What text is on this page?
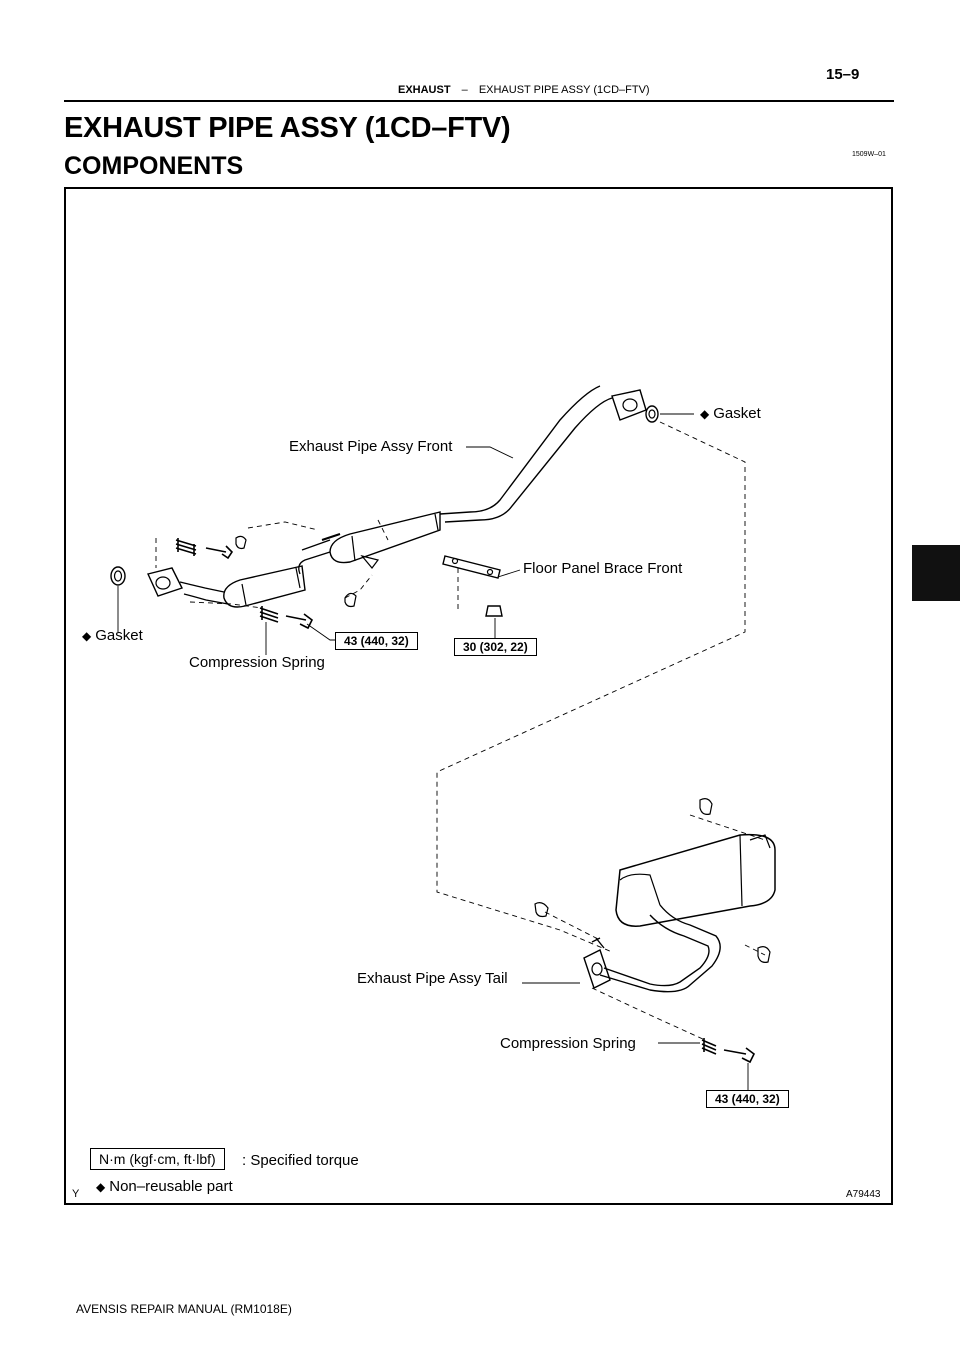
15–9
EXHAUST – EXHAUST PIPE ASSY (1CD–FTV)
EXHAUST PIPE ASSY (1CD–FTV)
COMPONENTS	1509W–01
Exhaust Pipe Assy Front
◆ Gasket
Floor Panel Brace Front
◆ Gasket
Compression Spring
43 (440, 32)	30 (302, 22)
Exhaust Pipe Assy Tail
Compression Spring
43 (440, 32)
N·m (kgf·cm, ft·lbf)	: Specified torque
◆ Non–reusable part
Y	A79443
AVENSIS REPAIR MANUAL (RM1018E)
